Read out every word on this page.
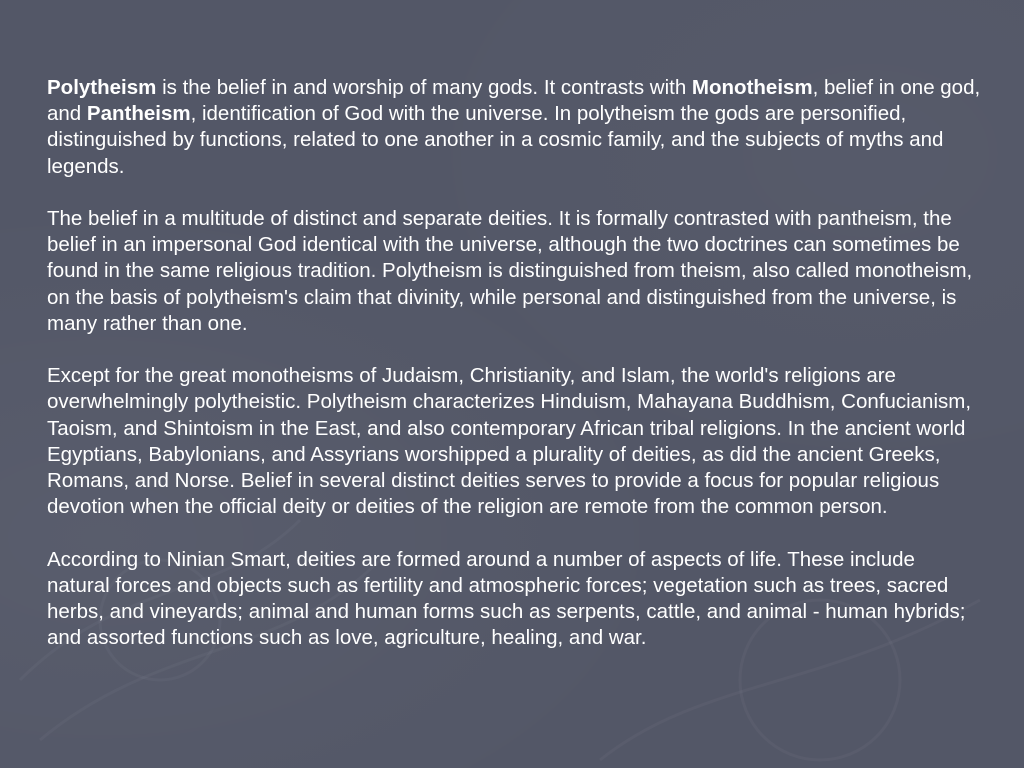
Polytheism is the belief in and worship of many gods. It contrasts with Monotheism, belief in one god, and Pantheism, identification of God with the universe. In polytheism the gods are personified, distinguished by functions, related to one another in a cosmic family, and the subjects of myths and legends.

The belief in a multitude of distinct and separate deities. It is formally contrasted with pantheism, the belief in an impersonal God identical with the universe, although the two doctrines can sometimes be found in the same religious tradition. Polytheism is distinguished from theism, also called monotheism, on the basis of polytheism's claim that divinity, while personal and distinguished from the universe, is many rather than one.

Except for the great monotheisms of Judaism, Christianity, and Islam, the world's religions are overwhelmingly polytheistic. Polytheism characterizes Hinduism, Mahayana Buddhism, Confucianism, Taoism, and Shintoism in the East, and also contemporary African tribal religions. In the ancient world Egyptians, Babylonians, and Assyrians worshipped a plurality of deities, as did the ancient Greeks, Romans, and Norse. Belief in several distinct deities serves to provide a focus for popular religious devotion when the official deity or deities of the religion are remote from the common person.

According to Ninian Smart, deities are formed around a number of aspects of life. These include natural forces and objects such as fertility and atmospheric forces; vegetation such as trees, sacred herbs, and vineyards; animal and human forms such as serpents, cattle, and animal - human hybrids; and assorted functions such as love, agriculture, healing, and war.
